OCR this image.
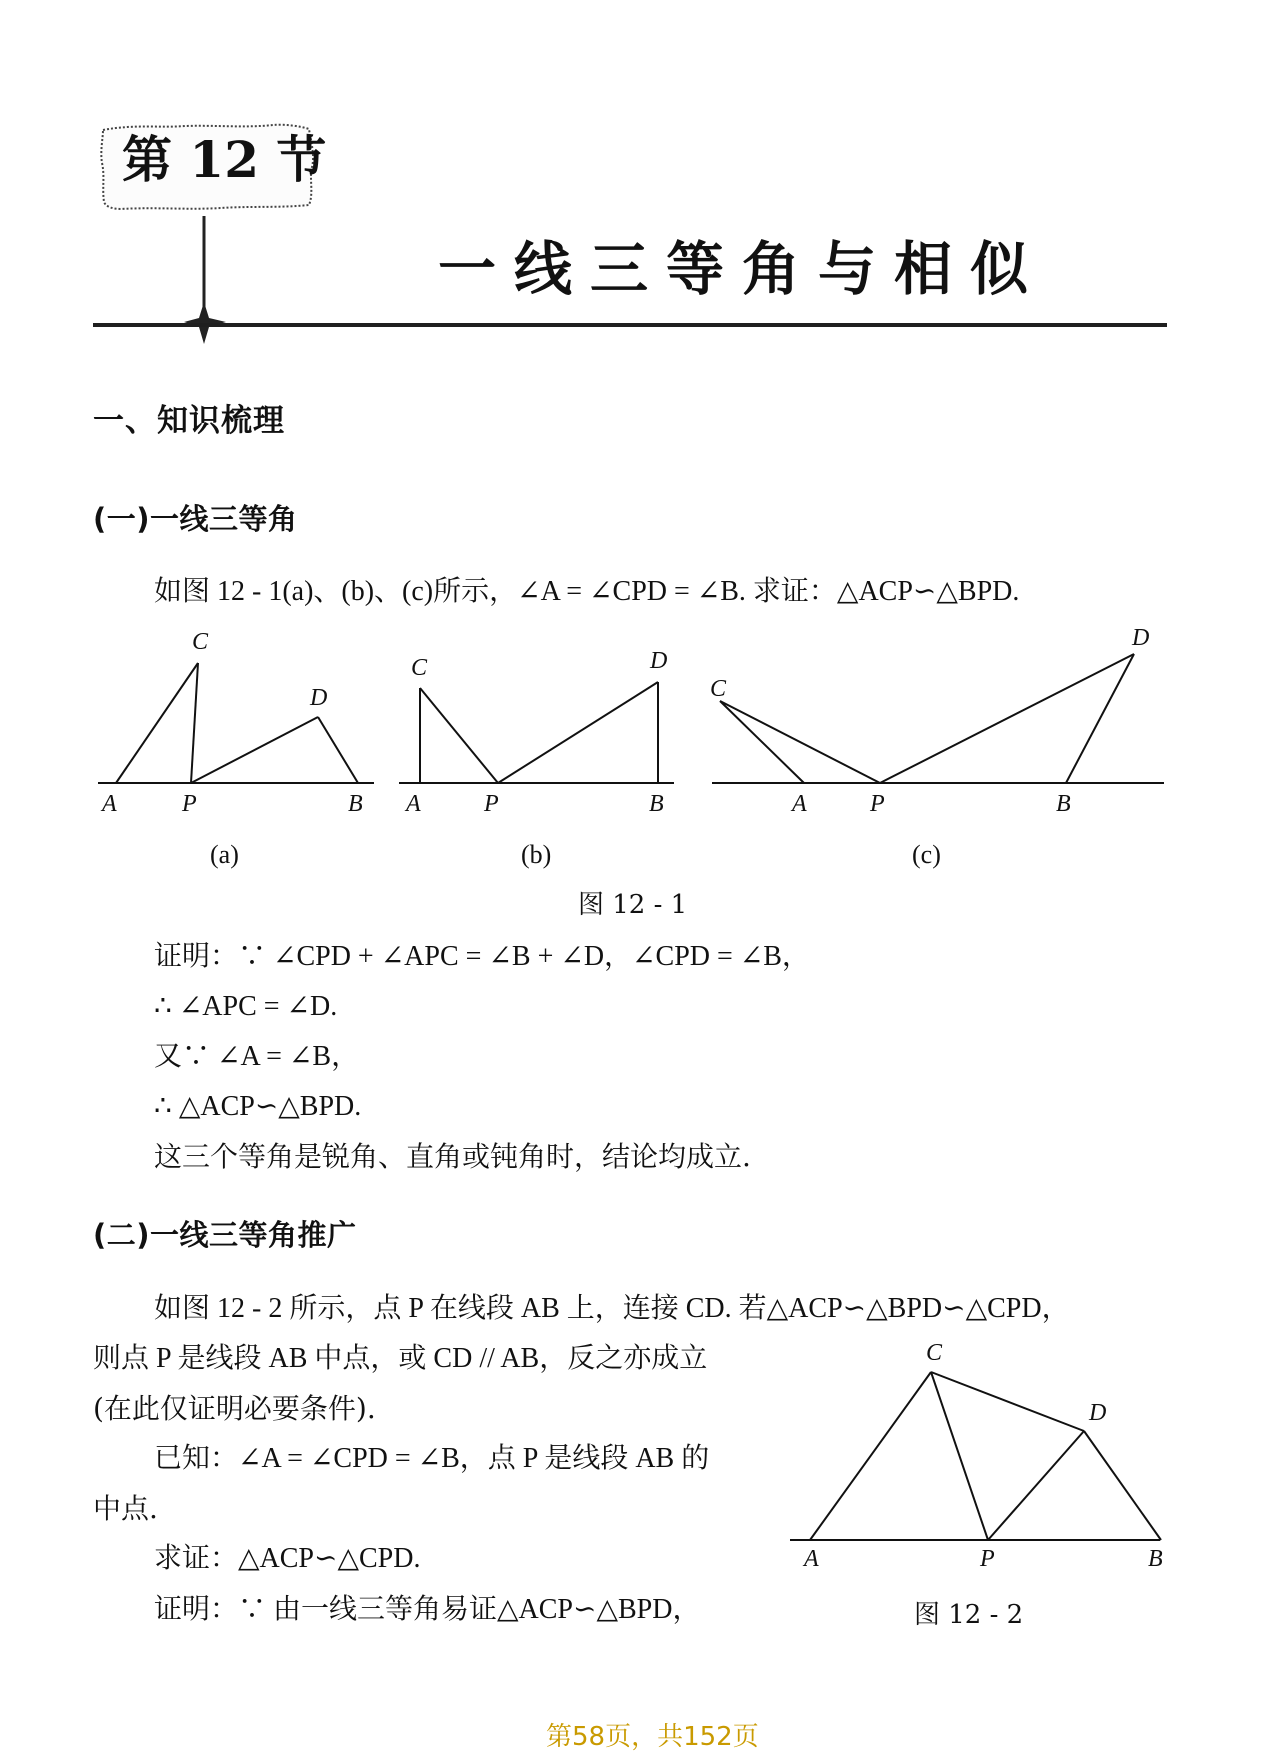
第 12 节
一线三等角与相似
一、知识梳理
(一)一线三等角
(二)一线三等角推广
如图 12 - 1(a)、(b)、(c)所示，∠A = ∠CPD = ∠B. 求证：△ACP∽△BPD.
C
D
A	P	B
C	D
A	P	B
C
D
A	P	B
(a)	(b)	(c)
图 12 - 1
证明：∵ ∠CPD + ∠APC = ∠B + ∠D，∠CPD = ∠B，
∴ ∠APC = ∠D.
又∵ ∠A = ∠B，
∴ △ACP∽△BPD.
这三个等角是锐角、直角或钝角时，结论均成立.
如图 12 - 2 所示，点 P 在线段 AB 上，连接 CD. 若△ACP∽△BPD∽△CPD，
则点 P 是线段 AB 中点，或 CD // AB，反之亦成立
(在此仅证明必要条件).
已知：∠A = ∠CPD = ∠B，点 P 是线段 AB 的
中点.
求证：△ACP∽△CPD.
证明：∵ 由一线三等角易证△ACP∽△BPD，
C
D
A	P	B
图 12 - 2
第58页，共152页
